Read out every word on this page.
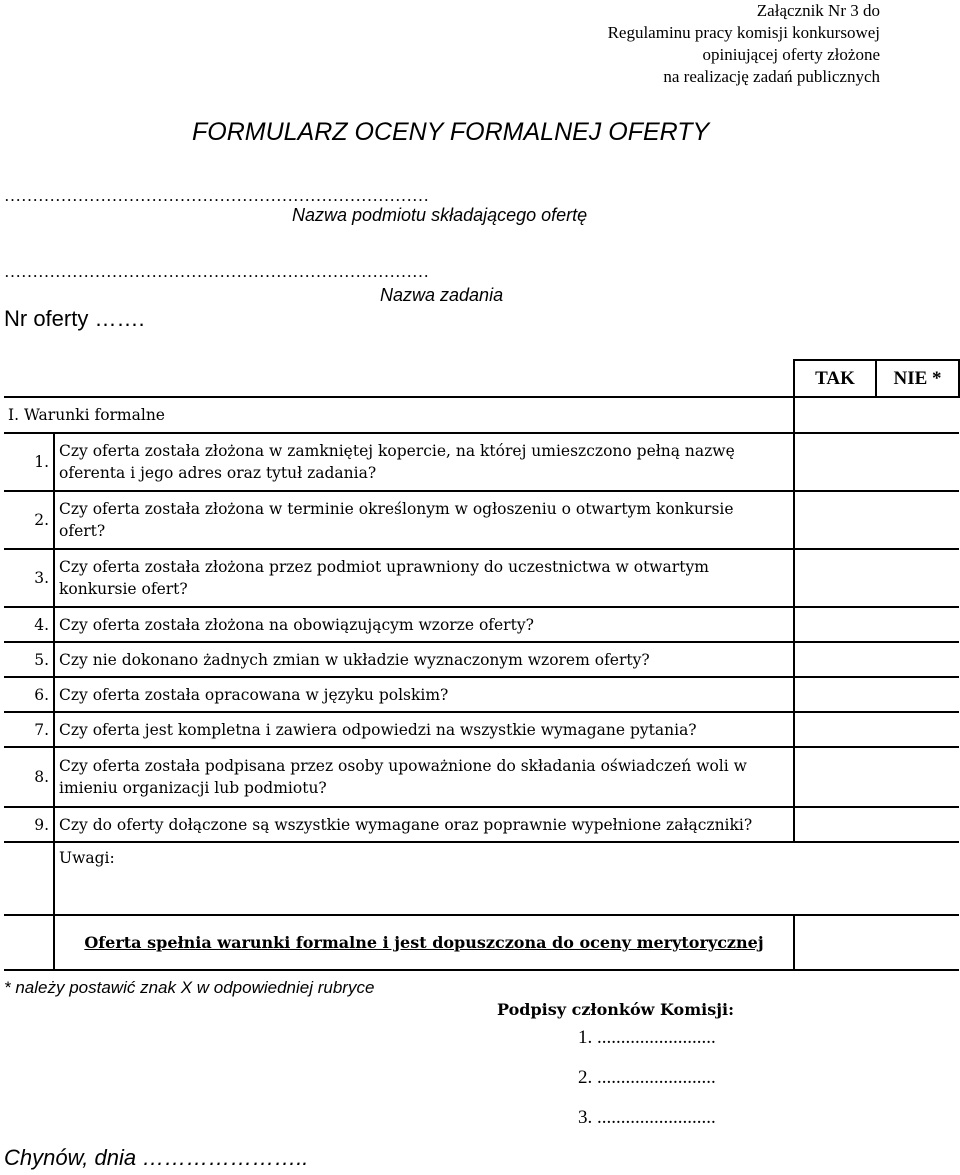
Załącznik Nr 3 do
Regulaminu pracy komisji konkursowej
opiniującej oferty złożone
na realizację zadań publicznych
FORMULARZ OCENY FORMALNEJ OFERTY
…………………………………………………………………
Nazwa podmiotu składającego ofertę
…………………………………………………………………
Nazwa zadania
Nr oferty …….
		TAK	NIE *
I. Warunki formalne			
1.	Czy oferta została złożona w zamkniętej kopercie, na której umieszczono pełną nazwę
oferenta i jego adres oraz tytuł zadania?		
2.	Czy oferta została złożona w terminie określonym w ogłoszeniu o otwartym konkursie
ofert?		
3.	Czy oferta została złożona przez podmiot uprawniony do uczestnictwa w otwartym
konkursie ofert?		
4.	Czy oferta została złożona na obowiązującym wzorze oferty?		
5.	Czy nie dokonano żadnych zmian w układzie wyznaczonym wzorem oferty?		
6.	Czy oferta została opracowana w języku polskim?		
7.	Czy oferta jest kompletna i zawiera odpowiedzi na wszystkie wymagane pytania?		
8.	Czy oferta została podpisana przez osoby upoważnione do składania oświadczeń woli w
imieniu organizacji lub podmiotu?		
9.	Czy do oferty dołączone są wszystkie wymagane oraz poprawnie wypełnione załączniki?		
	Uwagi:		
	Oferta spełnia warunki formalne i jest dopuszczona do oceny merytorycznej		
* należy postawić znak X w odpowiedniej rubryce
Podpisy członków Komisji:
1. .........................
2. .........................
3. .........................
Chynów, dnia …………………..
